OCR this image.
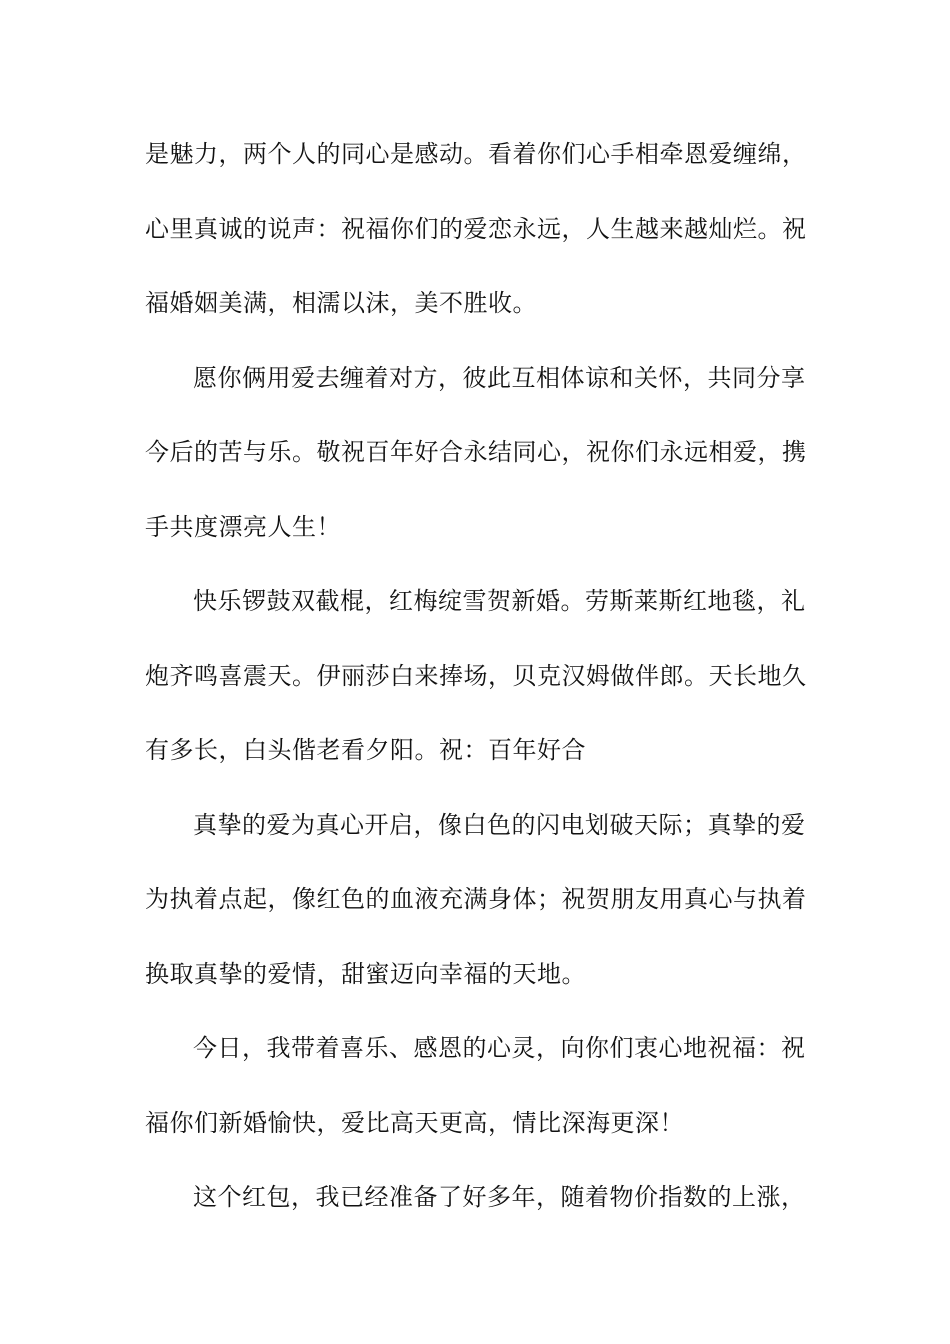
是魅力，两个人的同心是感动。看着你们心手相牵恩爱缠绵，
心里真诚的说声：祝福你们的爱恋永远，人生越来越灿烂。祝
福婚姻美满，相濡以沫，美不胜收。
愿你俩用爱去缠着对方，彼此互相体谅和关怀，共同分享
今后的苦与乐。敬祝百年好合永结同心，祝你们永远相爱，携
手共度漂亮人生！
快乐锣鼓双截棍，红梅绽雪贺新婚。劳斯莱斯红地毯，礼
炮齐鸣喜震天。伊丽莎白来捧场，贝克汉姆做伴郎。天长地久
有多长，白头偕老看夕阳。祝：百年好合
真挚的爱为真心开启，像白色的闪电划破天际；真挚的爱
为执着点起，像红色的血液充满身体；祝贺朋友用真心与执着
换取真挚的爱情，甜蜜迈向幸福的天地。
今日，我带着喜乐、感恩的心灵，向你们衷心地祝福：祝
福你们新婚愉快，爱比高天更高，情比深海更深！
这个红包，我已经准备了好多年，随着物价指数的上涨，
